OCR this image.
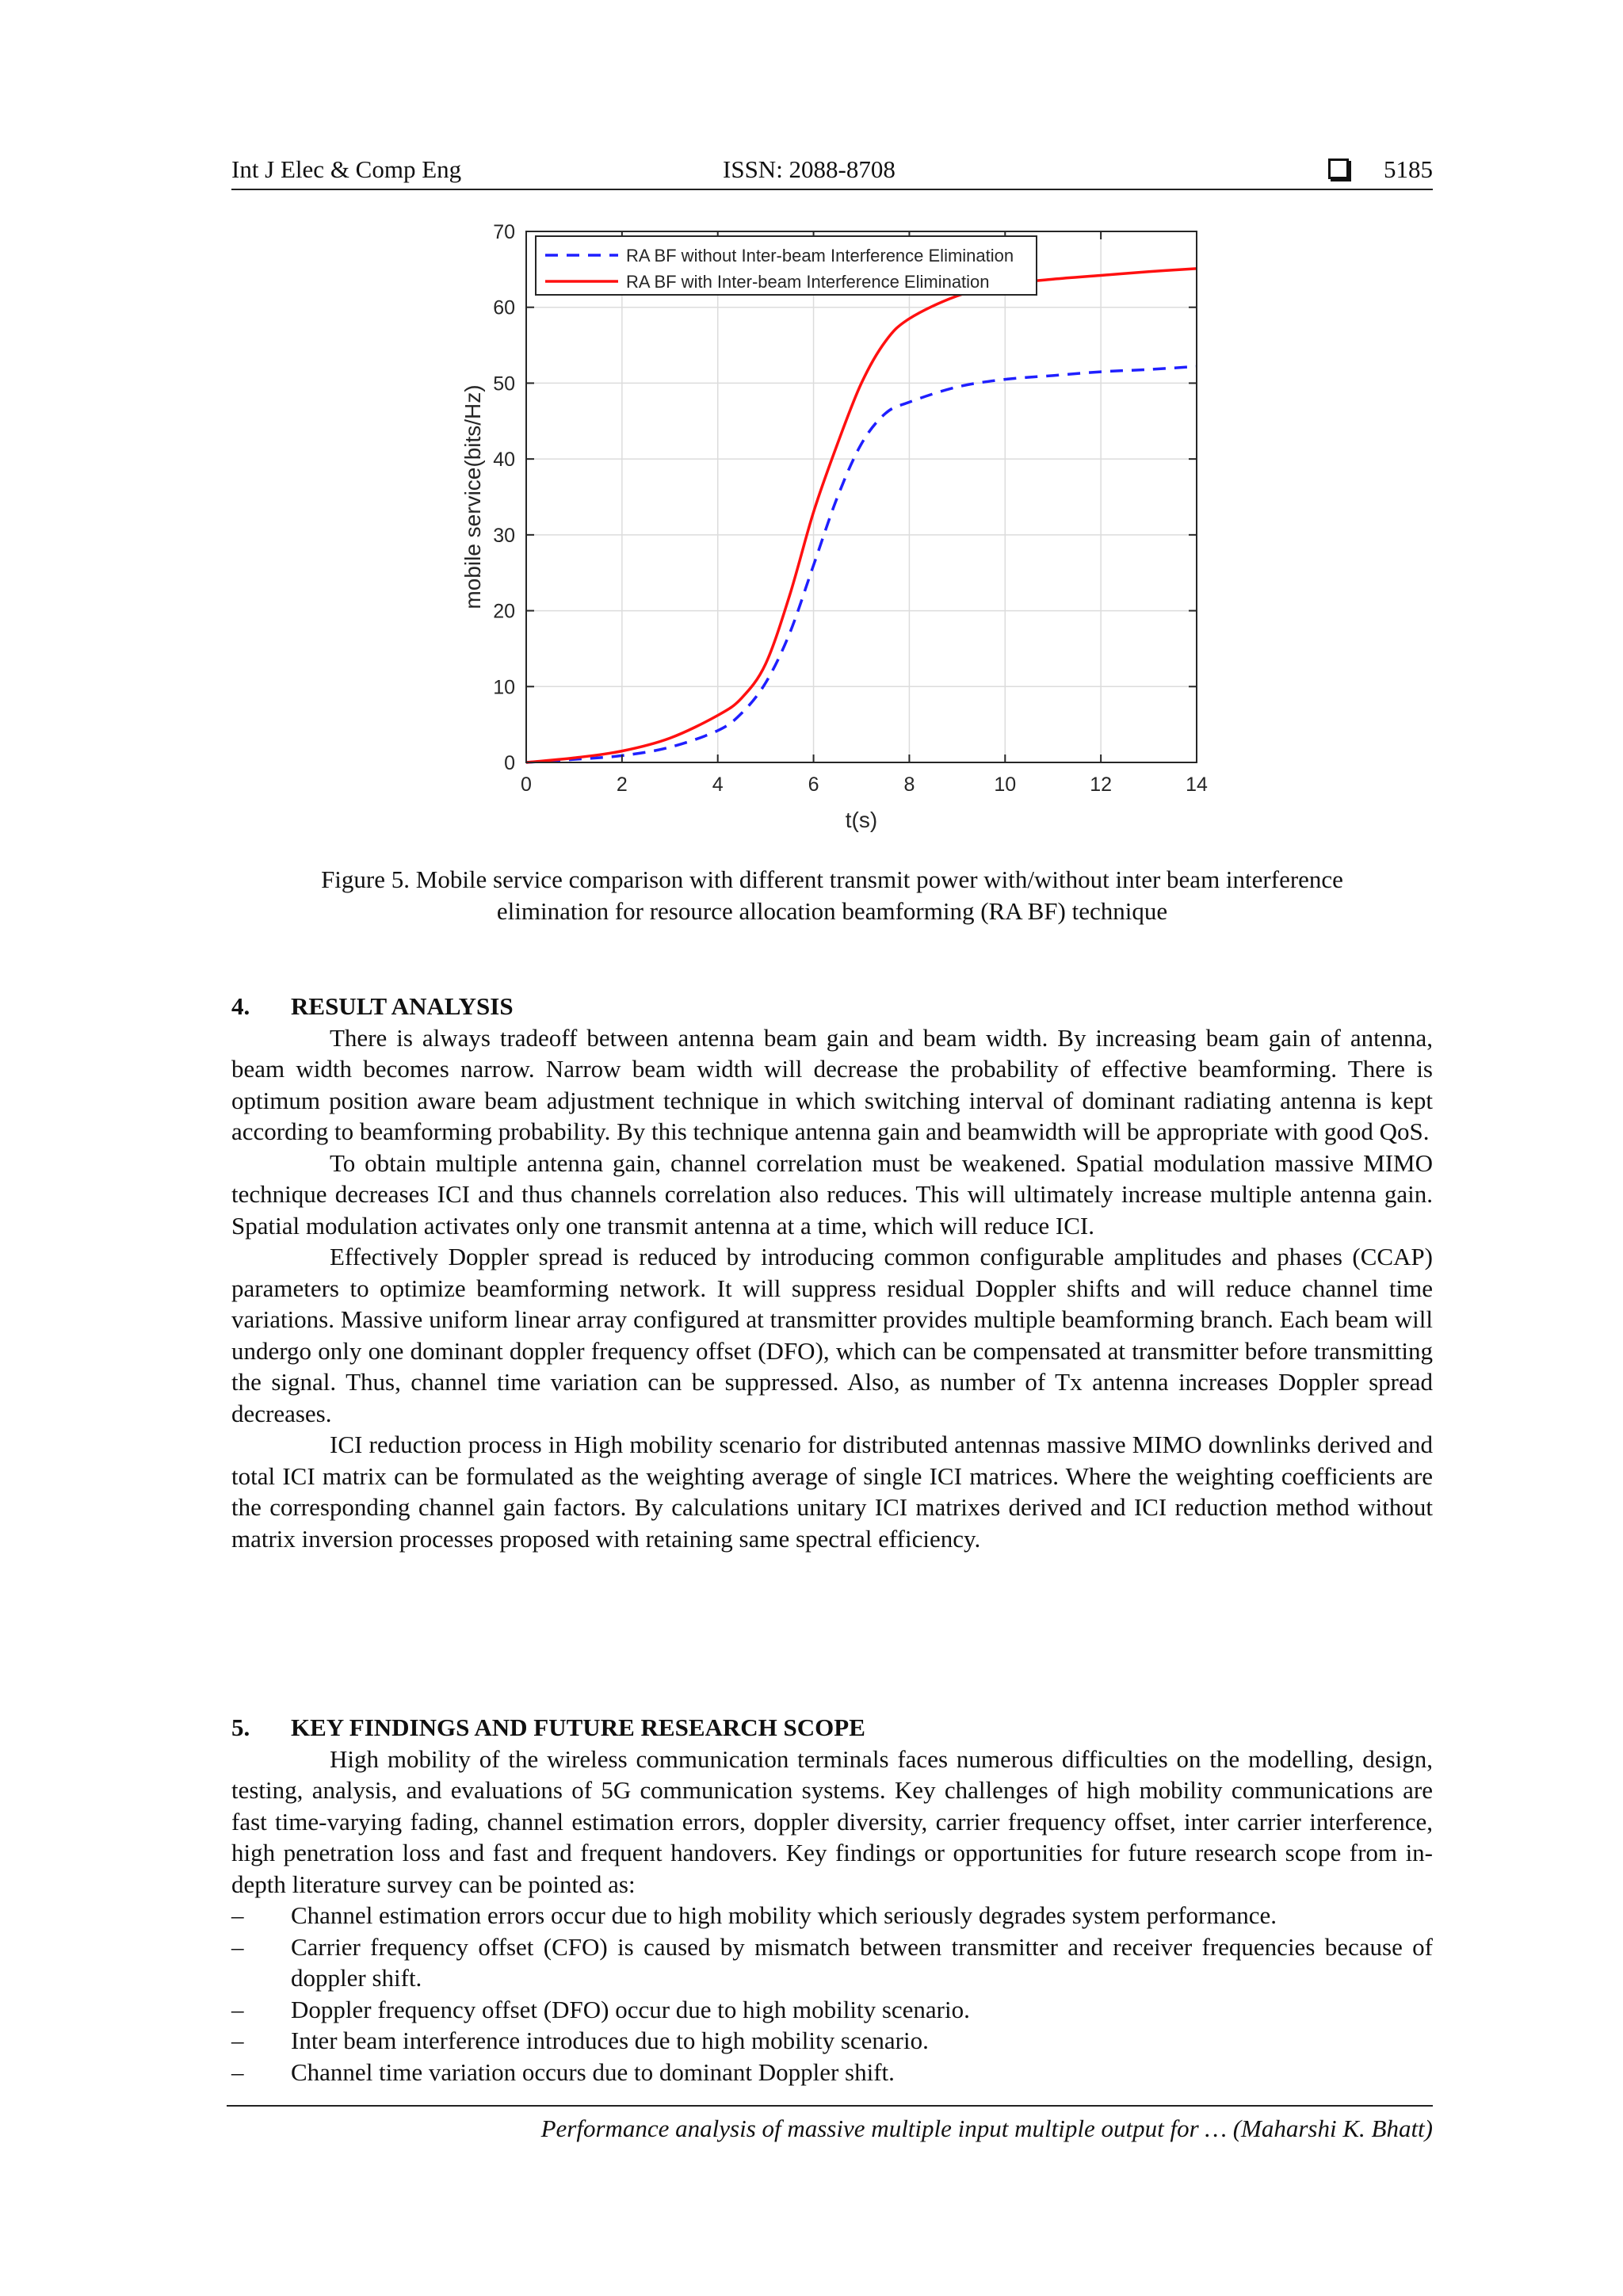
Int J Elec & Comp Eng	ISSN: 2088-8708	5185
0	2	4	6	8	10	12	14
0
10
20
30
40
50
60
70
t(s)
mobile service(bits/Hz)
RA BF without Inter-beam Interference Elimination
RA BF with Inter-beam Interference Elimination
Figure 5. Mobile service comparison with different transmit power with/without inter beam interference
elimination for resource allocation beamforming (RA BF) technique

4. RESULT ANALYSIS

There is always tradeoff between antenna beam gain and beam width. By increasing beam gain of antenna, beam width becomes narrow. Narrow beam width will decrease the probability of effective beamforming. There is optimum position aware beam adjustment technique in which switching interval of dominant radiating antenna is kept according to beamforming probability. By this technique antenna gain and beamwidth will be appropriate with good QoS.

To obtain multiple antenna gain, channel correlation must be weakened. Spatial modulation massive MIMO technique decreases ICI and thus channels correlation also reduces. This will ultimately increase multiple antenna gain. Spatial modulation activates only one transmit antenna at a time, which will reduce ICI.

Effectively Doppler spread is reduced by introducing common configurable amplitudes and phases (CCAP) parameters to optimize beamforming network. It will suppress residual Doppler shifts and will reduce channel time variations. Massive uniform linear array configured at transmitter provides multiple beamforming branch. Each beam will undergo only one dominant doppler frequency offset (DFO), which can be compensated at transmitter before transmitting the signal. Thus, channel time variation can be suppressed. Also, as number of Tx antenna increases Doppler spread decreases.

ICI reduction process in High mobility scenario for distributed antennas massive MIMO downlinks derived and total ICI matrix can be formulated as the weighting average of single ICI matrices. Where the weighting coefficients are the corresponding channel gain factors. By calculations unitary ICI matrixes derived and ICI reduction method without matrix inversion processes proposed with retaining same spectral efficiency.

5. KEY FINDINGS AND FUTURE RESEARCH SCOPE

High mobility of the wireless communication terminals faces numerous difficulties on the modelling, design, testing, analysis, and evaluations of 5G communication systems. Key challenges of high mobility communications are fast time-varying fading, channel estimation errors, doppler diversity, carrier frequency offset, inter carrier interference, high penetration loss and fast and frequent handovers. Key findings or opportunities for future research scope from in-depth literature survey can be pointed as:

– Channel estimation errors occur due to high mobility which seriously degrades system performance.
– Carrier frequency offset (CFO) is caused by mismatch between transmitter and receiver frequencies because of doppler shift.
– Doppler frequency offset (DFO) occur due to high mobility scenario.
– Inter beam interference introduces due to high mobility scenario.
– Channel time variation occurs due to dominant Doppler shift.
Performance analysis of massive multiple input multiple output for … (Maharshi K. Bhatt)
